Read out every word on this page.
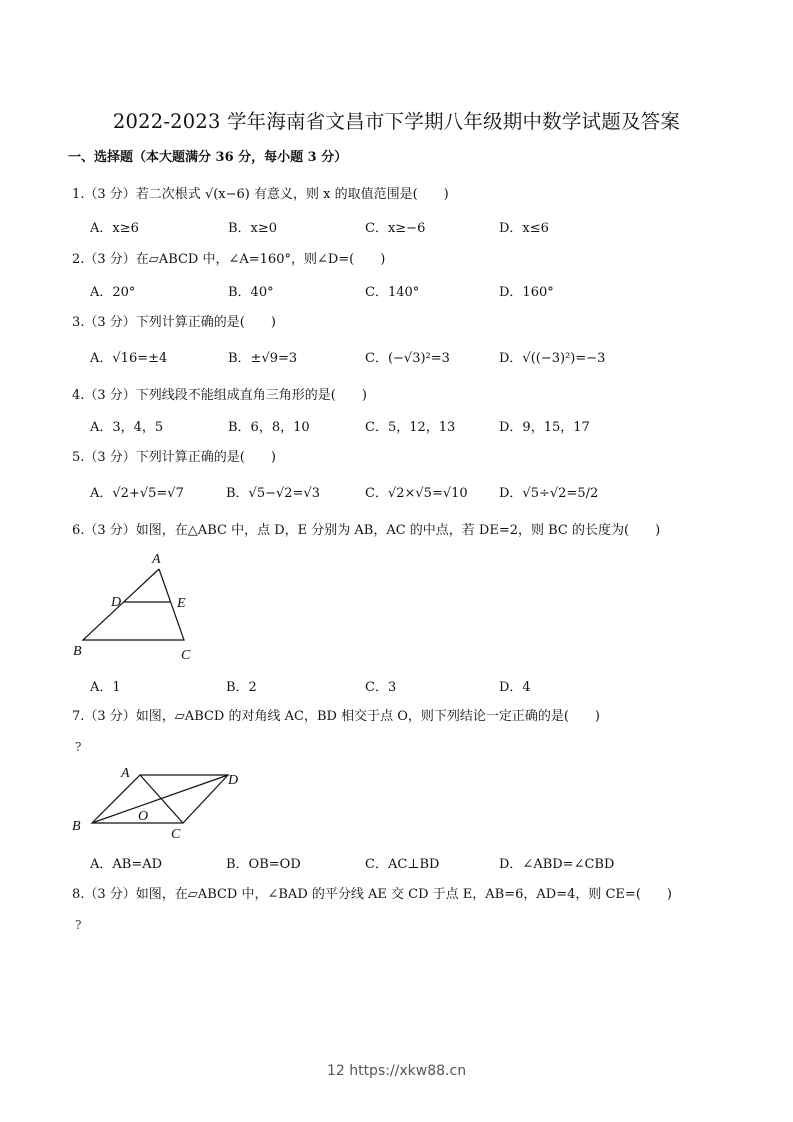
2022-2023 学年海南省文昌市下学期八年级期中数学试题及答案
一、选择题（本大题满分 36 分，每小题 3 分）
1.（3 分）若二次根式 √(x−6) 有意义，则 x 的取值范围是(　　)
A．x≥6	B．x≥0	C．x≥−6	D．x≤6
2.（3 分）在▱ABCD 中，∠A=160°，则∠D=(　　)
A．20°	B．40°	C．140°	D．160°
3.（3 分）下列计算正确的是(　　)
A．√16=±4	B．±√9=3	C．(−√3)²=3	D．√((−3)²)=−3
4.（3 分）下列线段不能组成直角三角形的是(　　)
A．3，4，5	B．6，8，10	C．5，12，13	D．9，15，17
5.（3 分）下列计算正确的是(　　)
A．√2+√5=√7	B．√5−√2=√3	C．√2×√5=√10 D．√5÷√2=5/2
6.（3 分）如图，在△ABC 中，点 D，E 分别为 AB，AC 的中点，若 DE=2，则 BC 的长度为(　　)
A
D	E
B	C
A．1	B．2	C．3	D．4
7.（3 分）如图，▱ABCD 的对角线 AC，BD 相交于点 O，则下列结论一定正确的是(　　)
?
A	D
B
O
C
A．AB=AD	B．OB=OD	C．AC⊥BD	D．∠ABD=∠CBD
8.（3 分）如图，在▱ABCD 中，∠BAD 的平分线 AE 交 CD 于点 E，AB=6，AD=4，则 CE=(　　)
?
12 https://xkw88.cn
